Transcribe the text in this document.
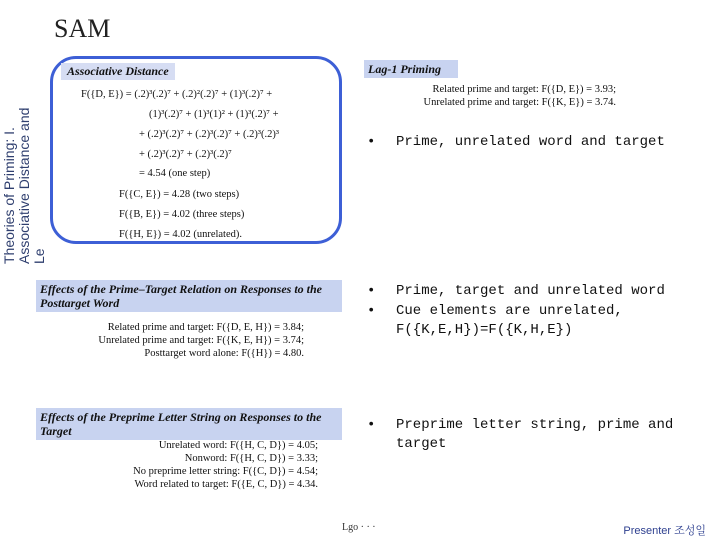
Theories of Priming: I. Associative Distance and Le
SAM
Associative Distance
F({D, E}) = (.2)³(.2)⁷ + (.2)²(.2)⁷ + (1)³(.2)⁷ +
(1)³(.2)⁷ + (1)³(1)² + (1)³(.2)⁷ +
+ (.2)³(.2)⁷ + (.2)³(.2)⁷ + (.2)³(.2)³
+ (.2)³(.2)⁷ + (.2)³(.2)⁷
= 4.54 (one step)
F({C, E}) = 4.28 (two steps)
F({B, E}) = 4.02 (three steps)
F({H, E}) = 4.02 (unrelated).
Lag-1 Priming
Related prime and target: F({D, E}) = 3.93;
Unrelated prime and target: F({K, E}) = 3.74.
Effects of the Prime–Target Relation on Responses to the Posttarget Word
Related prime and target: F({D, E, H}) = 3.84;
Unrelated prime and target: F({K, E, H}) = 3.74;
Posttarget word alone: F({H}) = 4.80.
Effects of the Preprime Letter String on Responses to the Target
Unrelated word: F({H, C, D}) = 4.05;
Nonword: F({H, C, D}) = 3.33;
No preprime letter string: F({C, D}) = 4.54;
Word related to target: F({E, C, D}) = 4.34.
• Prime, unrelated word and target
• Prime, target and unrelated word
• Cue elements are unrelated, F({K,E,H})=F({K,H,E})
• Preprime letter string, prime and target
Lgo · · ·	Presenter 조성일
